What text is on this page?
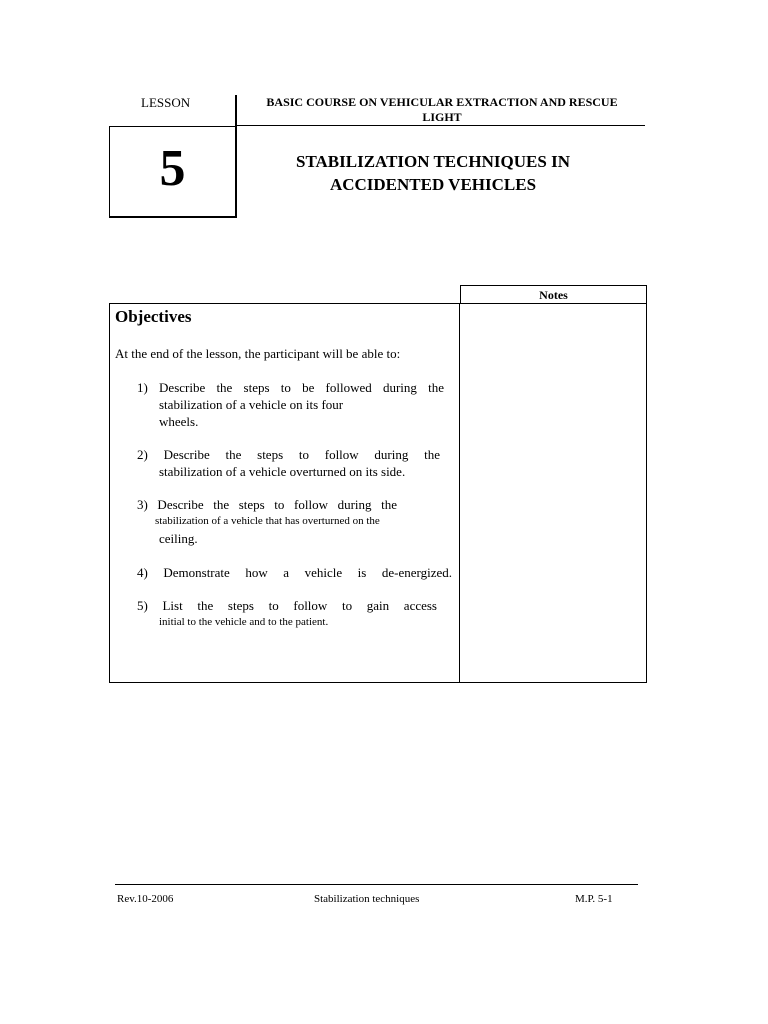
LESSON	BASIC COURSE ON VEHICULAR EXTRACTION AND RESCUE
LIGHT
5	STABILIZATION TECHNIQUES IN
ACCIDENTED VEHICLES
Notes
Objectives
At the end of the lesson, the participant will be able to:
1) Describe the steps to be followed during the
stabilization of a vehicle on its four
wheels.
2) Describe the steps to follow during the
stabilization of a vehicle overturned on its side.
3) Describe the steps to follow during the
stabilization of a vehicle that has overturned on the
ceiling.
4) Demonstrate how a vehicle is de-energized.
5) List the steps to follow to gain access
initial to the vehicle and to the patient.
Rev.10-2006	Stabilization techniques	M.P. 5-1
